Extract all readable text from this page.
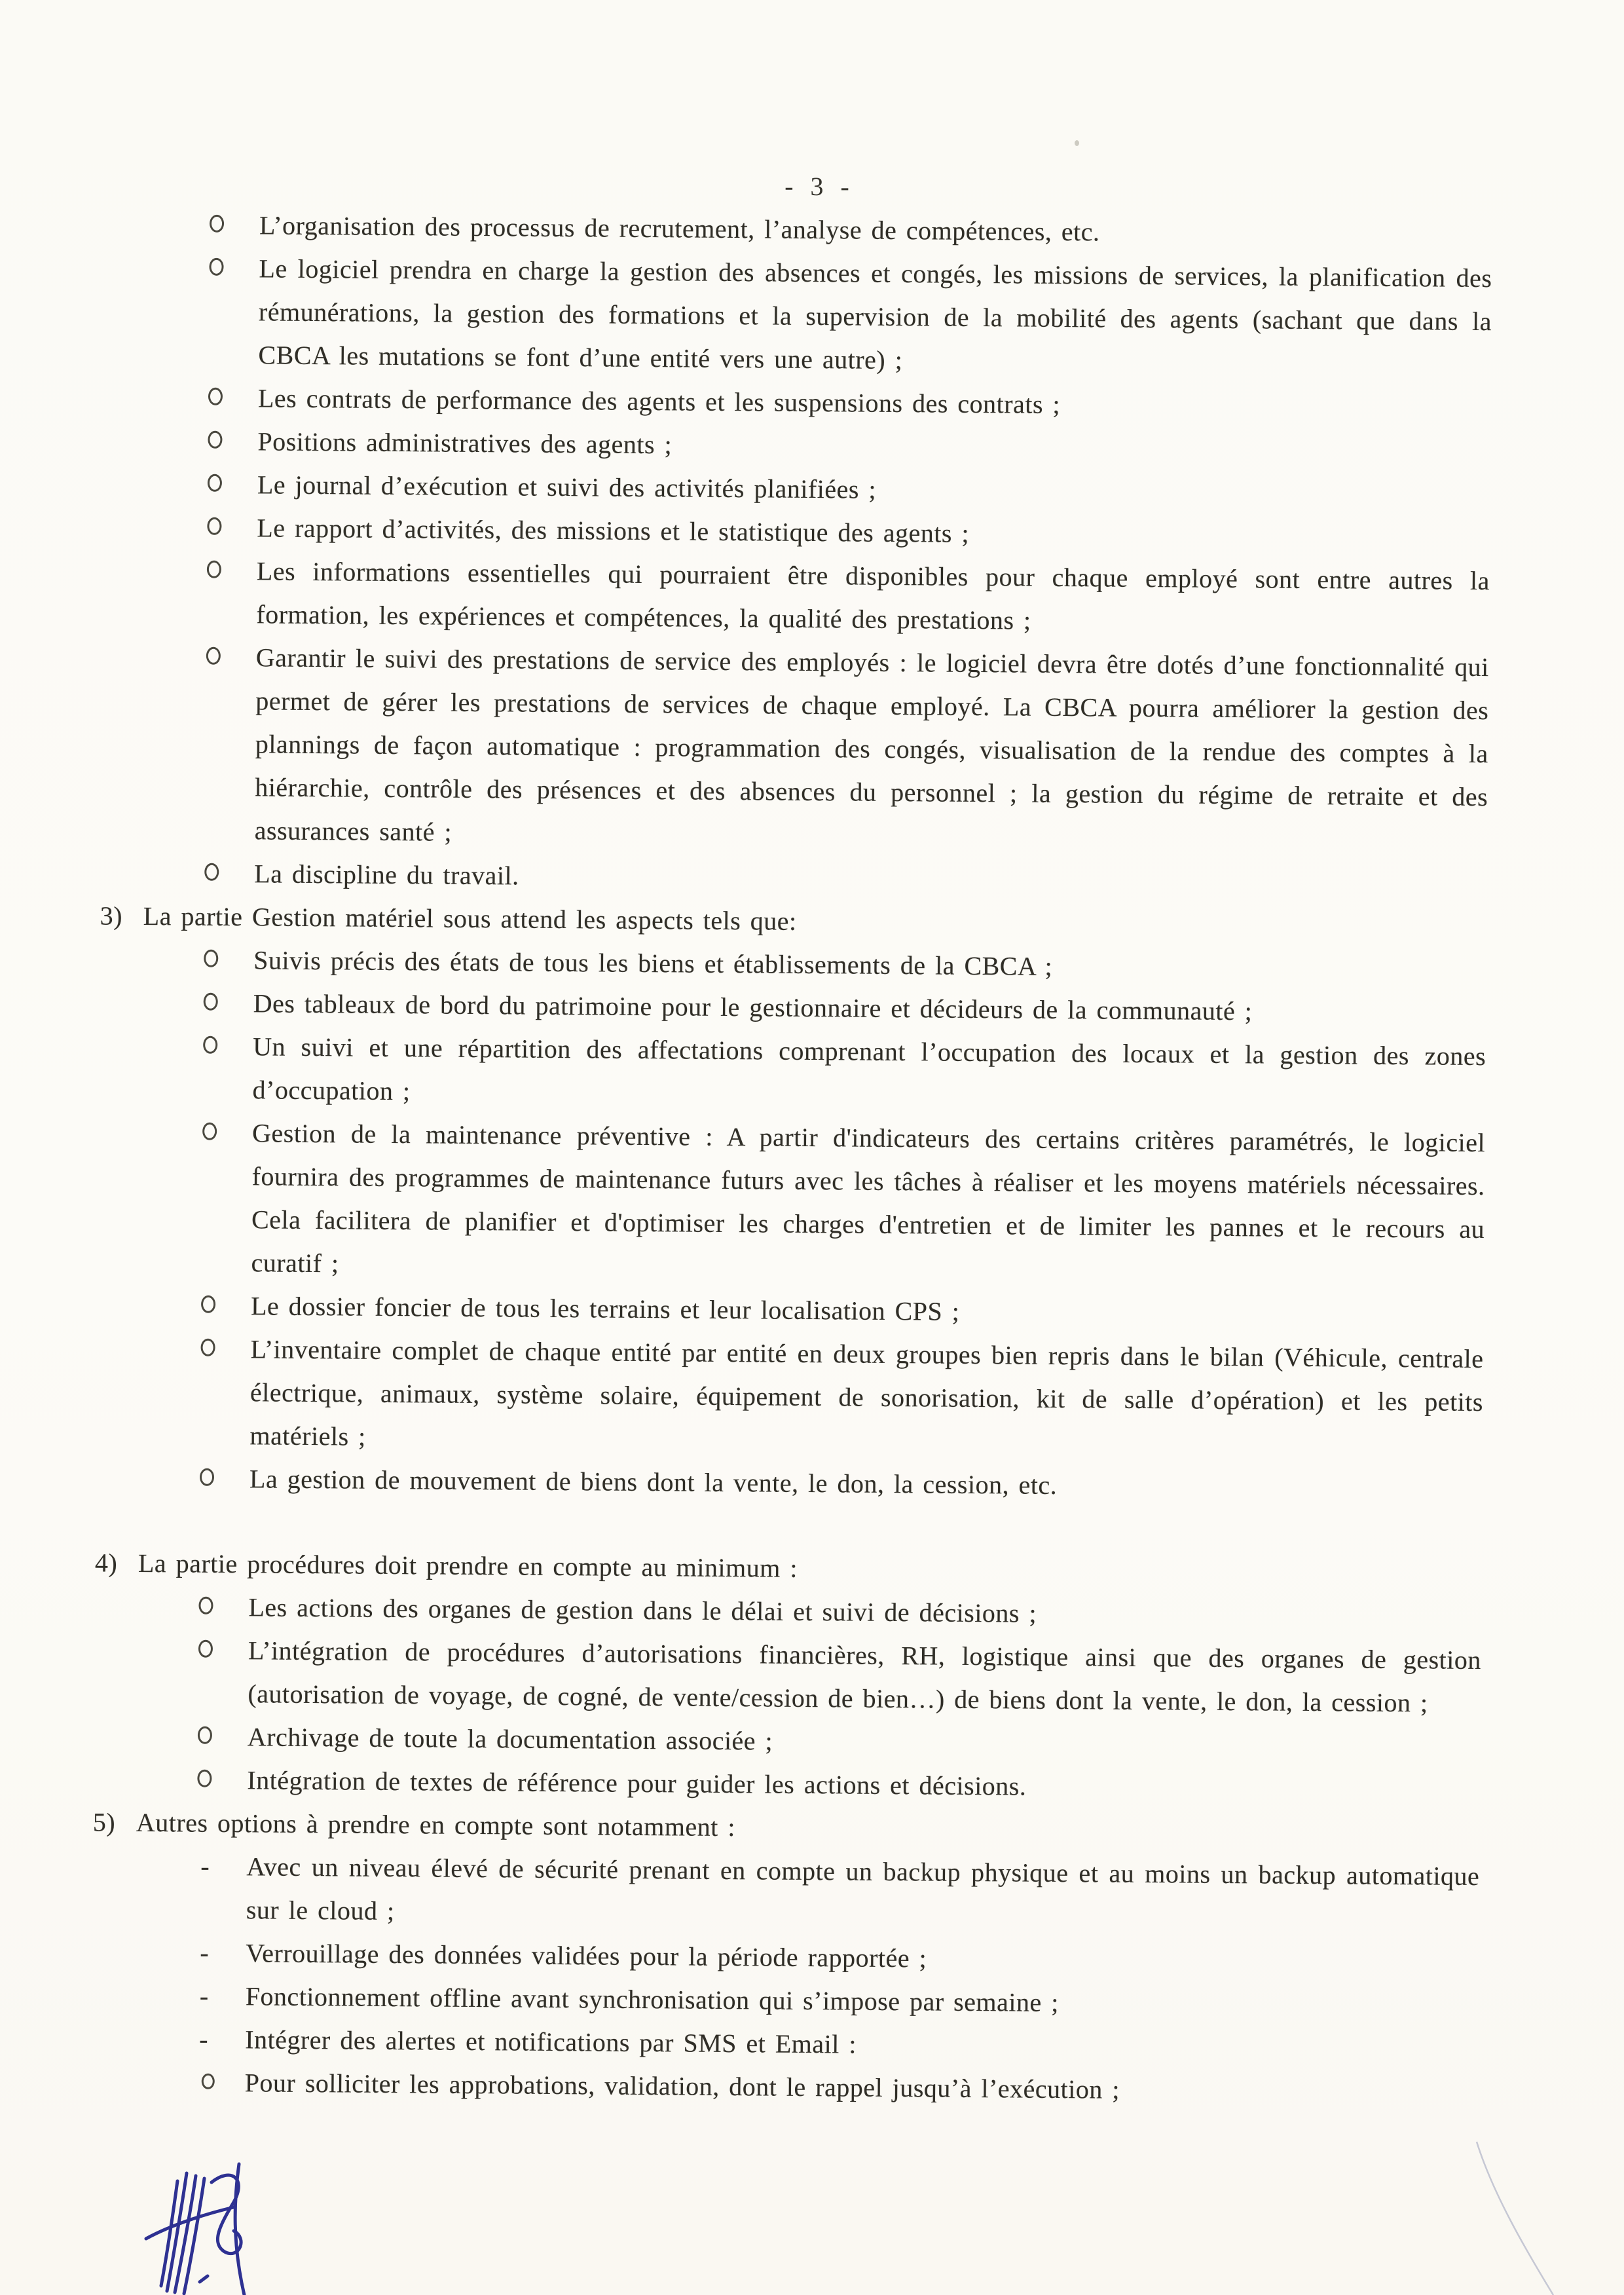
- 3 -
L’organisation des processus de recrutement, l’analyse de compétences, etc.
Le logiciel prendra en charge la gestion des absences et congés, les missions de services, la planification des rémunérations, la gestion des formations et la supervision de la mobilité des agents (sachant que dans la CBCA les mutations se font d’une entité vers une autre) ;
Les contrats de performance des agents et les suspensions des contrats ;
Positions administratives des agents ;
Le journal d’exécution et suivi des activités planifiées ;
Le rapport d’activités, des missions et le statistique des agents ;
Les informations essentielles qui pourraient être disponibles pour chaque employé sont entre autres la formation, les expériences et compétences, la qualité des prestations ;
Garantir le suivi des prestations de service des employés : le logiciel devra être dotés d’une fonctionnalité qui permet de gérer les prestations de services de chaque employé. La CBCA pourra améliorer la gestion des plannings de façon automatique : programmation des congés, visualisation de la rendue des comptes à la hiérarchie, contrôle des présences et des absences du personnel ; la gestion du régime de retraite et des assurances santé ;
La discipline du travail.
3) La partie Gestion matériel sous attend les aspects tels que:
Suivis précis des états de tous les biens et établissements de la CBCA ;
Des tableaux de bord du patrimoine pour le gestionnaire et décideurs de la communauté ;
Un suivi et une répartition des affectations comprenant l’occupation des locaux et la gestion des zones d’occupation ;
Gestion de la maintenance préventive : A partir d'indicateurs des certains critères paramétrés, le logiciel fournira des programmes de maintenance futurs avec les tâches à réaliser et les moyens matériels nécessaires. Cela facilitera de planifier et d'optimiser les charges d'entretien et de limiter les pannes et le recours au curatif ;
Le dossier foncier de tous les terrains et leur localisation CPS ;
L’inventaire complet de chaque entité par entité en deux groupes bien repris dans le bilan (Véhicule, centrale électrique, animaux, système solaire, équipement de sonorisation, kit de salle d’opération) et les petits matériels ;
La gestion de mouvement de biens dont la vente, le don, la cession, etc.
4) La partie procédures doit prendre en compte au minimum :
Les actions des organes de gestion dans le délai et suivi de décisions ;
L’intégration de procédures d’autorisations financières, RH, logistique ainsi que des organes de gestion (autorisation de voyage, de cogné, de vente/cession de bien…) de biens dont la vente, le don, la cession ;
Archivage de toute la documentation associée ;
Intégration de textes de référence pour guider les actions et décisions.
5) Autres options à prendre en compte sont notamment :
- Avec un niveau élevé de sécurité prenant en compte un backup physique et au moins un backup automatique sur le cloud ;
- Verrouillage des données validées pour la période rapportée ;
- Fonctionnement offline avant synchronisation qui s’impose par semaine ;
- Intégrer des alertes et notifications par SMS et Email :
Pour solliciter les approbations, validation, dont le rappel jusqu’à l’exécution ;
